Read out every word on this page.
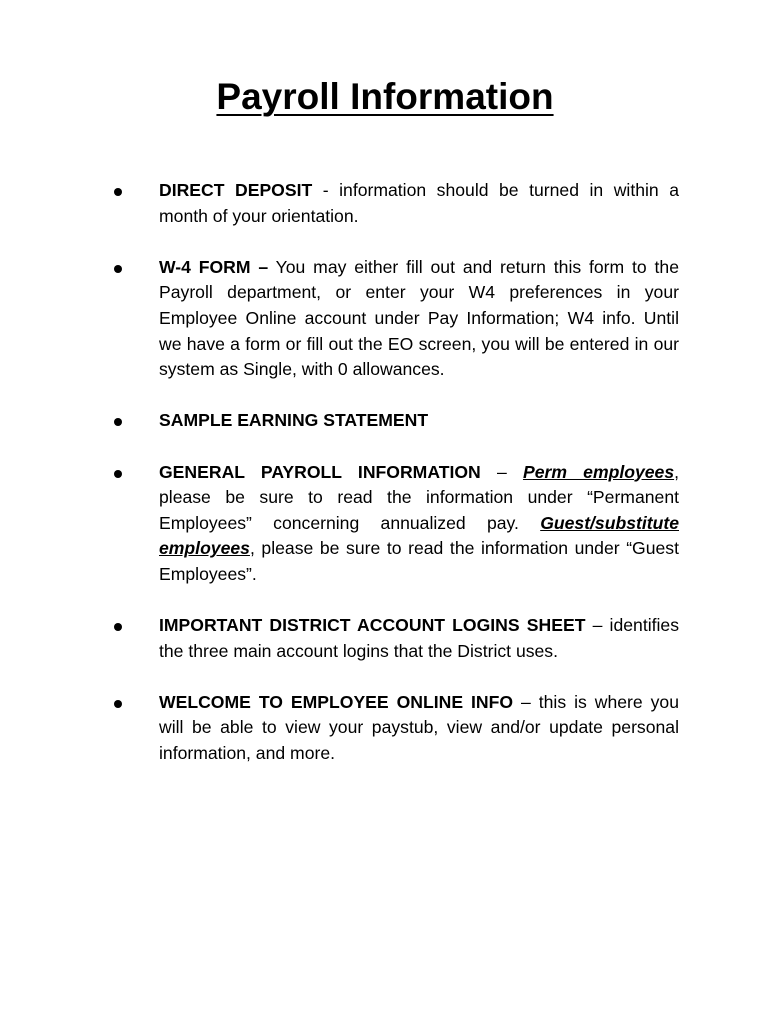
Payroll Information
DIRECT DEPOSIT - information should be turned in within a month of your orientation.
W-4 FORM – You may either fill out and return this form to the Payroll department, or enter your W4 preferences in your Employee Online account under Pay Information; W4 info. Until we have a form or fill out the EO screen, you will be entered in our system as Single, with 0 allowances.
SAMPLE EARNING STATEMENT
GENERAL PAYROLL INFORMATION – Perm employees, please be sure to read the information under “Permanent Employees” concerning annualized pay. Guest/substitute employees, please be sure to read the information under “Guest Employees”.
IMPORTANT DISTRICT ACCOUNT LOGINS SHEET – identifies the three main account logins that the District uses.
WELCOME TO EMPLOYEE ONLINE INFO – this is where you will be able to view your paystub, view and/or update personal information, and more.
